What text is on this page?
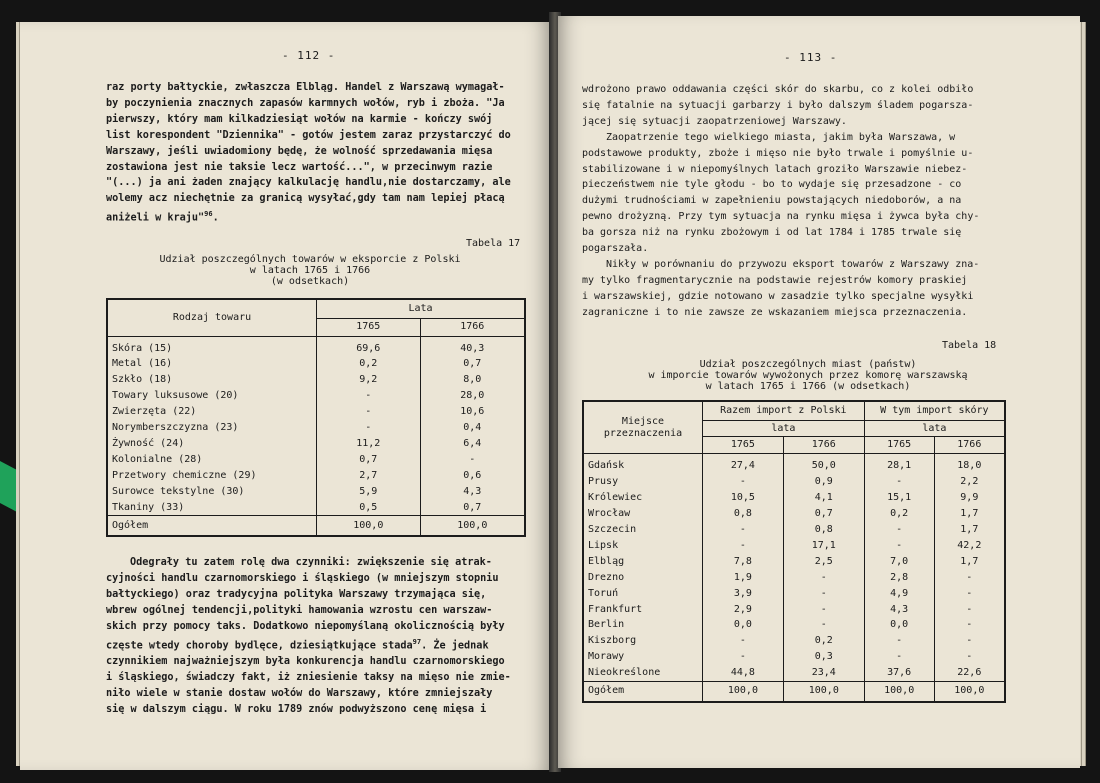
- 112 -

raz porty bałtyckie, zwłaszcza Elbląg. Handel z Warszawą wymagał-

by poczynienia znacznych zapasów karmnych wołów, ryb i zboża. "Ja

pierwszy, który mam kilkadziesiąt wołów na karmie - kończy swój

list korespondent "Dziennika" - gotów jestem zaraz przystarczyć do

Warszawy, jeśli uwiadomiony będę, że wolność sprzedawania mięsa

zostawiona jest nie taksie lecz wartość...", w przecinwym razie

"(...) ja ani żaden znający kalkulację handlu,nie dostarczamy, ale

wolemy acz niechętnie za granicą wysyłać,gdy tam nam lepiej płacą

aniżeli w kraju"$^{96}$.

Tabela 17
Udział poszczególnych towarów w eksporcie z Polski
w latach 1765 i 1766
(w odsetkach)
Rodzaj towaru	Lata	
	1765	1766
Skóra (15)	69,6	40,3
Metal (16)	0,2	0,7
Szkło (18)	9,2	8,0
Towary luksusowe (20)	-	28,0
Zwierzęta (22)	-	10,6
Norymberszczyzna (23)	-	0,4
Żywność (24)	11,2	6,4
Kolonialne (28)	0,7	-
Przetwory chemiczne (29)	2,7	0,6
Surowce tekstylne (30)	5,9	4,3
Tkaniny (33)	0,5	0,7
Ogółem	100,0	100,0

Odegrały tu zatem rolę dwa czynniki: zwiększenie się atrak-

cyjności handlu czarnomorskiego i śląskiego (w mniejszym stopniu

bałtyckiego) oraz tradycyjna polityka Warszawy trzymająca się,

wbrew ogólnej tendencji,polityki hamowania wzrostu cen warszaw-

skich przy pomocy taks. Dodatkowo niepomyślaną okolicznością były

częste wtedy choroby bydlęce, dziesiątkujące stada$^{97}$. Że jednak

czynnikiem najważniejszym była konkurencja handlu czarnomorskiego

i śląskiego, świadczy fakt, iż zniesienie taksy na mięso nie zmie-

niło wiele w stanie dostaw wołów do Warszawy, które zmniejszały

się w dalszym ciągu. W roku 1789 znów podwyższono cenę mięsa i

- 113 -

wdrożono prawo oddawania części skór do skarbu, co z kolei odbiło

się fatalnie na sytuacji garbarzy i było dalszym śladem pogarsza-

jącej się sytuacji zaopatrzeniowej Warszawy.

Zaopatrzenie tego wielkiego miasta, jakim była Warszawa, w

podstawowe produkty, zboże i mięso nie było trwale i pomyślnie u-

stabilizowane i w niepomyślnych latach groziło Warszawie niebez-

pieczeństwem nie tyle głodu - bo to wydaje się przesadzone - co

dużymi trudnościami w zapełnieniu powstających niedoborów, a na

pewno drożyzną. Przy tym sytuacja na rynku mięsa i żywca była chy-

ba gorsza niż na rynku zbożowym i od lat 1784 i 1785 trwale się

pogarszała.

Nikły w porównaniu do przywozu eksport towarów z Warszawy zna-

my tylko fragmentarycznie na podstawie rejestrów komory praskiej

i warszawskiej, gdzie notowano w zasadzie tylko specjalne wysyłki

zagraniczne i to nie zawsze ze wskazaniem miejsca przeznaczenia.

Tabela 18
Udział poszczególnych miast (państw)
w imporcie towarów wywożonych przez komorę warszawską
w latach 1765 i 1766 (w odsetkach)
Miejsce przeznaczenia	Razem import z Polski		W tym import skóry	
	lata		lata	
	1765	1766	1765	1766
Gdańsk	27,4	50,0	28,1	18,0
Prusy	-	0,9	-	2,2
Królewiec	10,5	4,1	15,1	9,9
Wrocław	0,8	0,7	0,2	1,7
Szczecin	-	0,8	-	1,7
Lipsk	-	17,1	-	42,2
Elbląg	7,8	2,5	7,0	1,7
Drezno	1,9	-	2,8	-
Toruń	3,9	-	4,9	-
Frankfurt	2,9	-	4,3	-
Berlin	0,0	-	0,0	-
Kiszborg	-	0,2	-	-
Morawy	-	0,3	-	-
Nieokreślone	44,8	23,4	37,6	22,6
Ogółem	100,0	100,0	100,0	100,0
